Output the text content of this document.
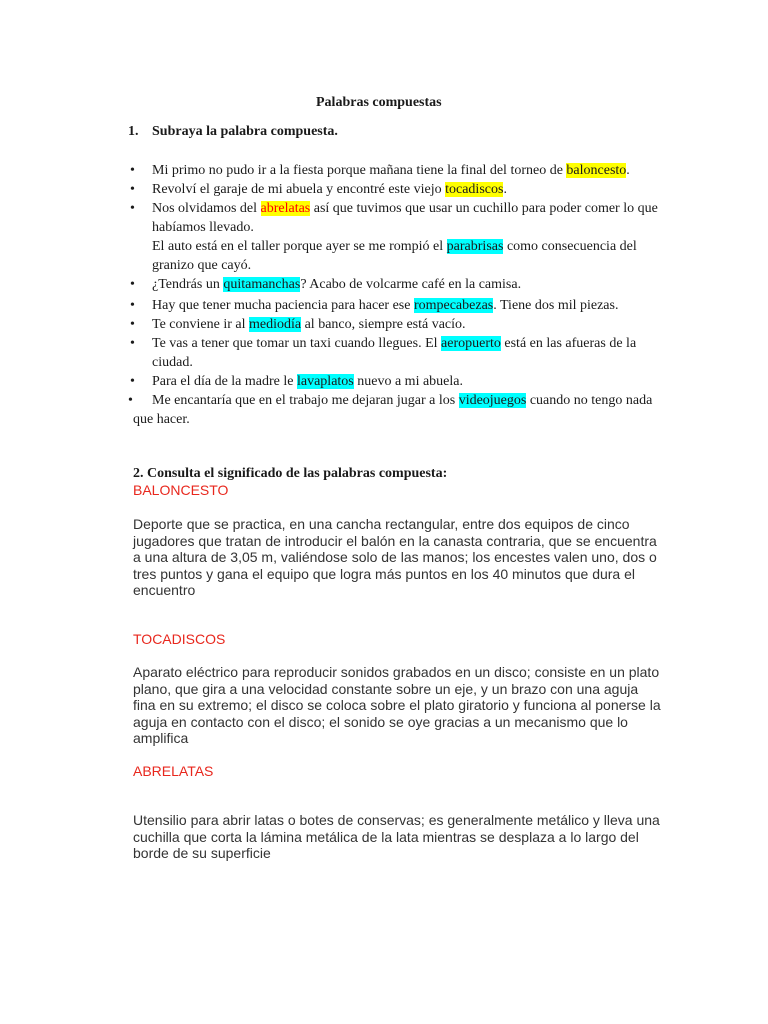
Palabras compuestas
1. Subraya la palabra compuesta.
• Mi primo no pudo ir a la fiesta porque mañana tiene la final del torneo de baloncesto.
• Revolví el garaje de mi abuela y encontré este viejo tocadiscos.
• Nos olvidamos del abrelatas así que tuvimos que usar un cuchillo para poder comer lo que habíamos llevado.
El auto está en el taller porque ayer se me rompió el parabrisas como consecuencia del granizo que cayó.
• ¿Tendrás un quitamanchas? Acabo de volcarme café en la camisa.
• Hay que tener mucha paciencia para hacer ese rompecabezas. Tiene dos mil piezas.
• Te conviene ir al mediodía al banco, siempre está vacío.
• Te vas a tener que tomar un taxi cuando llegues. El aeropuerto está en las afueras de la ciudad.
• Para el día de la madre le lavaplatos nuevo a mi abuela.
• Me encantaría que en el trabajo me dejaran jugar a los videojuegos cuando no tengo nada que hacer.
2. Consulta el significado de las palabras compuesta:
BALONCESTO
Deporte que se practica, en una cancha rectangular, entre dos equipos de cinco jugadores que tratan de introducir el balón en la canasta contraria, que se encuentra a una altura de 3,05 m, valiéndose solo de las manos; los encestes valen uno, dos o tres puntos y gana el equipo que logra más puntos en los 40 minutos que dura el encuentro
TOCADISCOS
Aparato eléctrico para reproducir sonidos grabados en un disco; consiste en un plato plano, que gira a una velocidad constante sobre un eje, y un brazo con una aguja fina en su extremo; el disco se coloca sobre el plato giratorio y funciona al ponerse la aguja en contacto con el disco; el sonido se oye gracias a un mecanismo que lo amplifica
ABRELATAS
Utensilio para abrir latas o botes de conservas; es generalmente metálico y lleva una cuchilla que corta la lámina metálica de la lata mientras se desplaza a lo largo del borde de su superficie
